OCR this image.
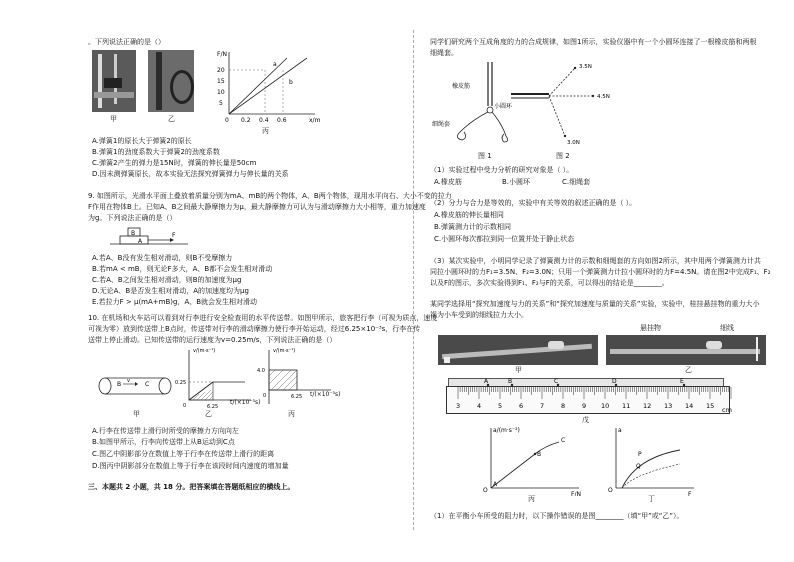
。下列说法正确的是（）
甲	乙
F/N
x/m
a
b
20
15
10
5
0 0.2 0.4 0.6
丙
A.弹簧1的原长大于弹簧2的原长
B.弹簧1的劲度系数大于弹簧2的劲度系数
C.弹簧2产生的弹力是15N时，弹簧的伸长量是50cm
D.因未测弹簧原长，故本实验无法探究弹簧弹力与伸长量的关系
9. 如图所示，光滑水平面上叠放着质量分别为mA、mB的两个物体，A、B两个物体，现用水平向右、大小不变的拉力
F作用在物体B上。已知A、B之间最大静摩擦力为μ，最大静摩擦力可认为与滑动摩擦力大小相等，重力加速度
为g。下列说法正确的是（）
B
A
F
A.若A、B没有发生相对滑动，则B不受摩擦力
B.若mA < mB，则无论F多大，A、B都不会发生相对滑动
C.若A、B之间发生相对滑动，则B的加速度为μg
D.无论A、B是否发生相对滑动，A的加速度均为μg
E.若拉力F > μ(mA+mB)g，A、B就会发生相对滑动
10. 在机场和火车站可以看到对行李进行安全检查用的水平传送带。如图甲所示，旅客把行李（可视为质点，速度
可视为零）放到传送带上B点时，传送带对行李的滑动摩擦力使行李开始运动，经过6.25×10⁻³s，行李在传
送带上停止滑动。已知传送带的运行速度为v=0.25m/s，下列说法正确的是（）
B	C
v
甲
v/(m·s⁻¹)
0.25
6.25
0	t/(×10⁻³s)
乙
v/(m·s⁻¹)
4.0
6.25
0	t/(×10⁻³s)
丙
A.行李在传送带上滑行时所受的摩擦力方向向左
B.如图甲所示，行李向传送带上从B运动到C点
C.图乙中阴影部分在数值上等于行李在传送带上滑行的距离
D.图丙中阴影部分在数值上等于行李在该段时间内速度的增加量
三、本题共 2 小题，共 18 分。把答案填在答题纸相应的横线上。
同学们研究两个互成角度的力的合成规律，如图1所示，实验仪器中有一个小圆环连接了一根橡皮筋和两根
细绳套。
橡皮筋
小圆环
细绳套
图 1
3.5N
4.5N
3.0N
图 2
（1）实验过程中受力分析的研究对象是（ ）。
A.橡皮筋	B.小圆环	C.细绳套
（2）分力与合力是等效的，实验中有关等效的叙述正确的是（ ）。
A.橡皮筋的伸长量相同
B.弹簧测力计的示数相同
C.小圆环每次都拉到同一位置并处于静止状态
（3）某次实验中，小明同学记录了弹簧测力计的示数和细绳套的方向如图2所示，其中用两个弹簧测力计共
同拉小圆环时的力F₁=3.5N、F₂=3.0N；只用一个弹簧测力计拉小圆环时的力F=4.5N。请在图2中完成F₁、F₂
以及F的图示，多次实验得到F₁、F₂与F的关系，可以得出的结论是________。
某同学选择用“探究加速度与力的关系”和“探究加速度与质量的关系”实验，实验中，桂挂悬挂物的重力大小
视为小车受到的细线拉力大小。
甲	乙
悬挂物	细线
3	4	5	6	7	8	9 10 11 12 13 14 15 cm
A	B	C	D	E
戊
a/(m·s⁻²)
F/N
B
C
O
A
丙
a
F
O
P
Q
丁
（1）在平衡小车所受的阻力时，以下操作错误的是图________（填“甲”或“乙”）。
